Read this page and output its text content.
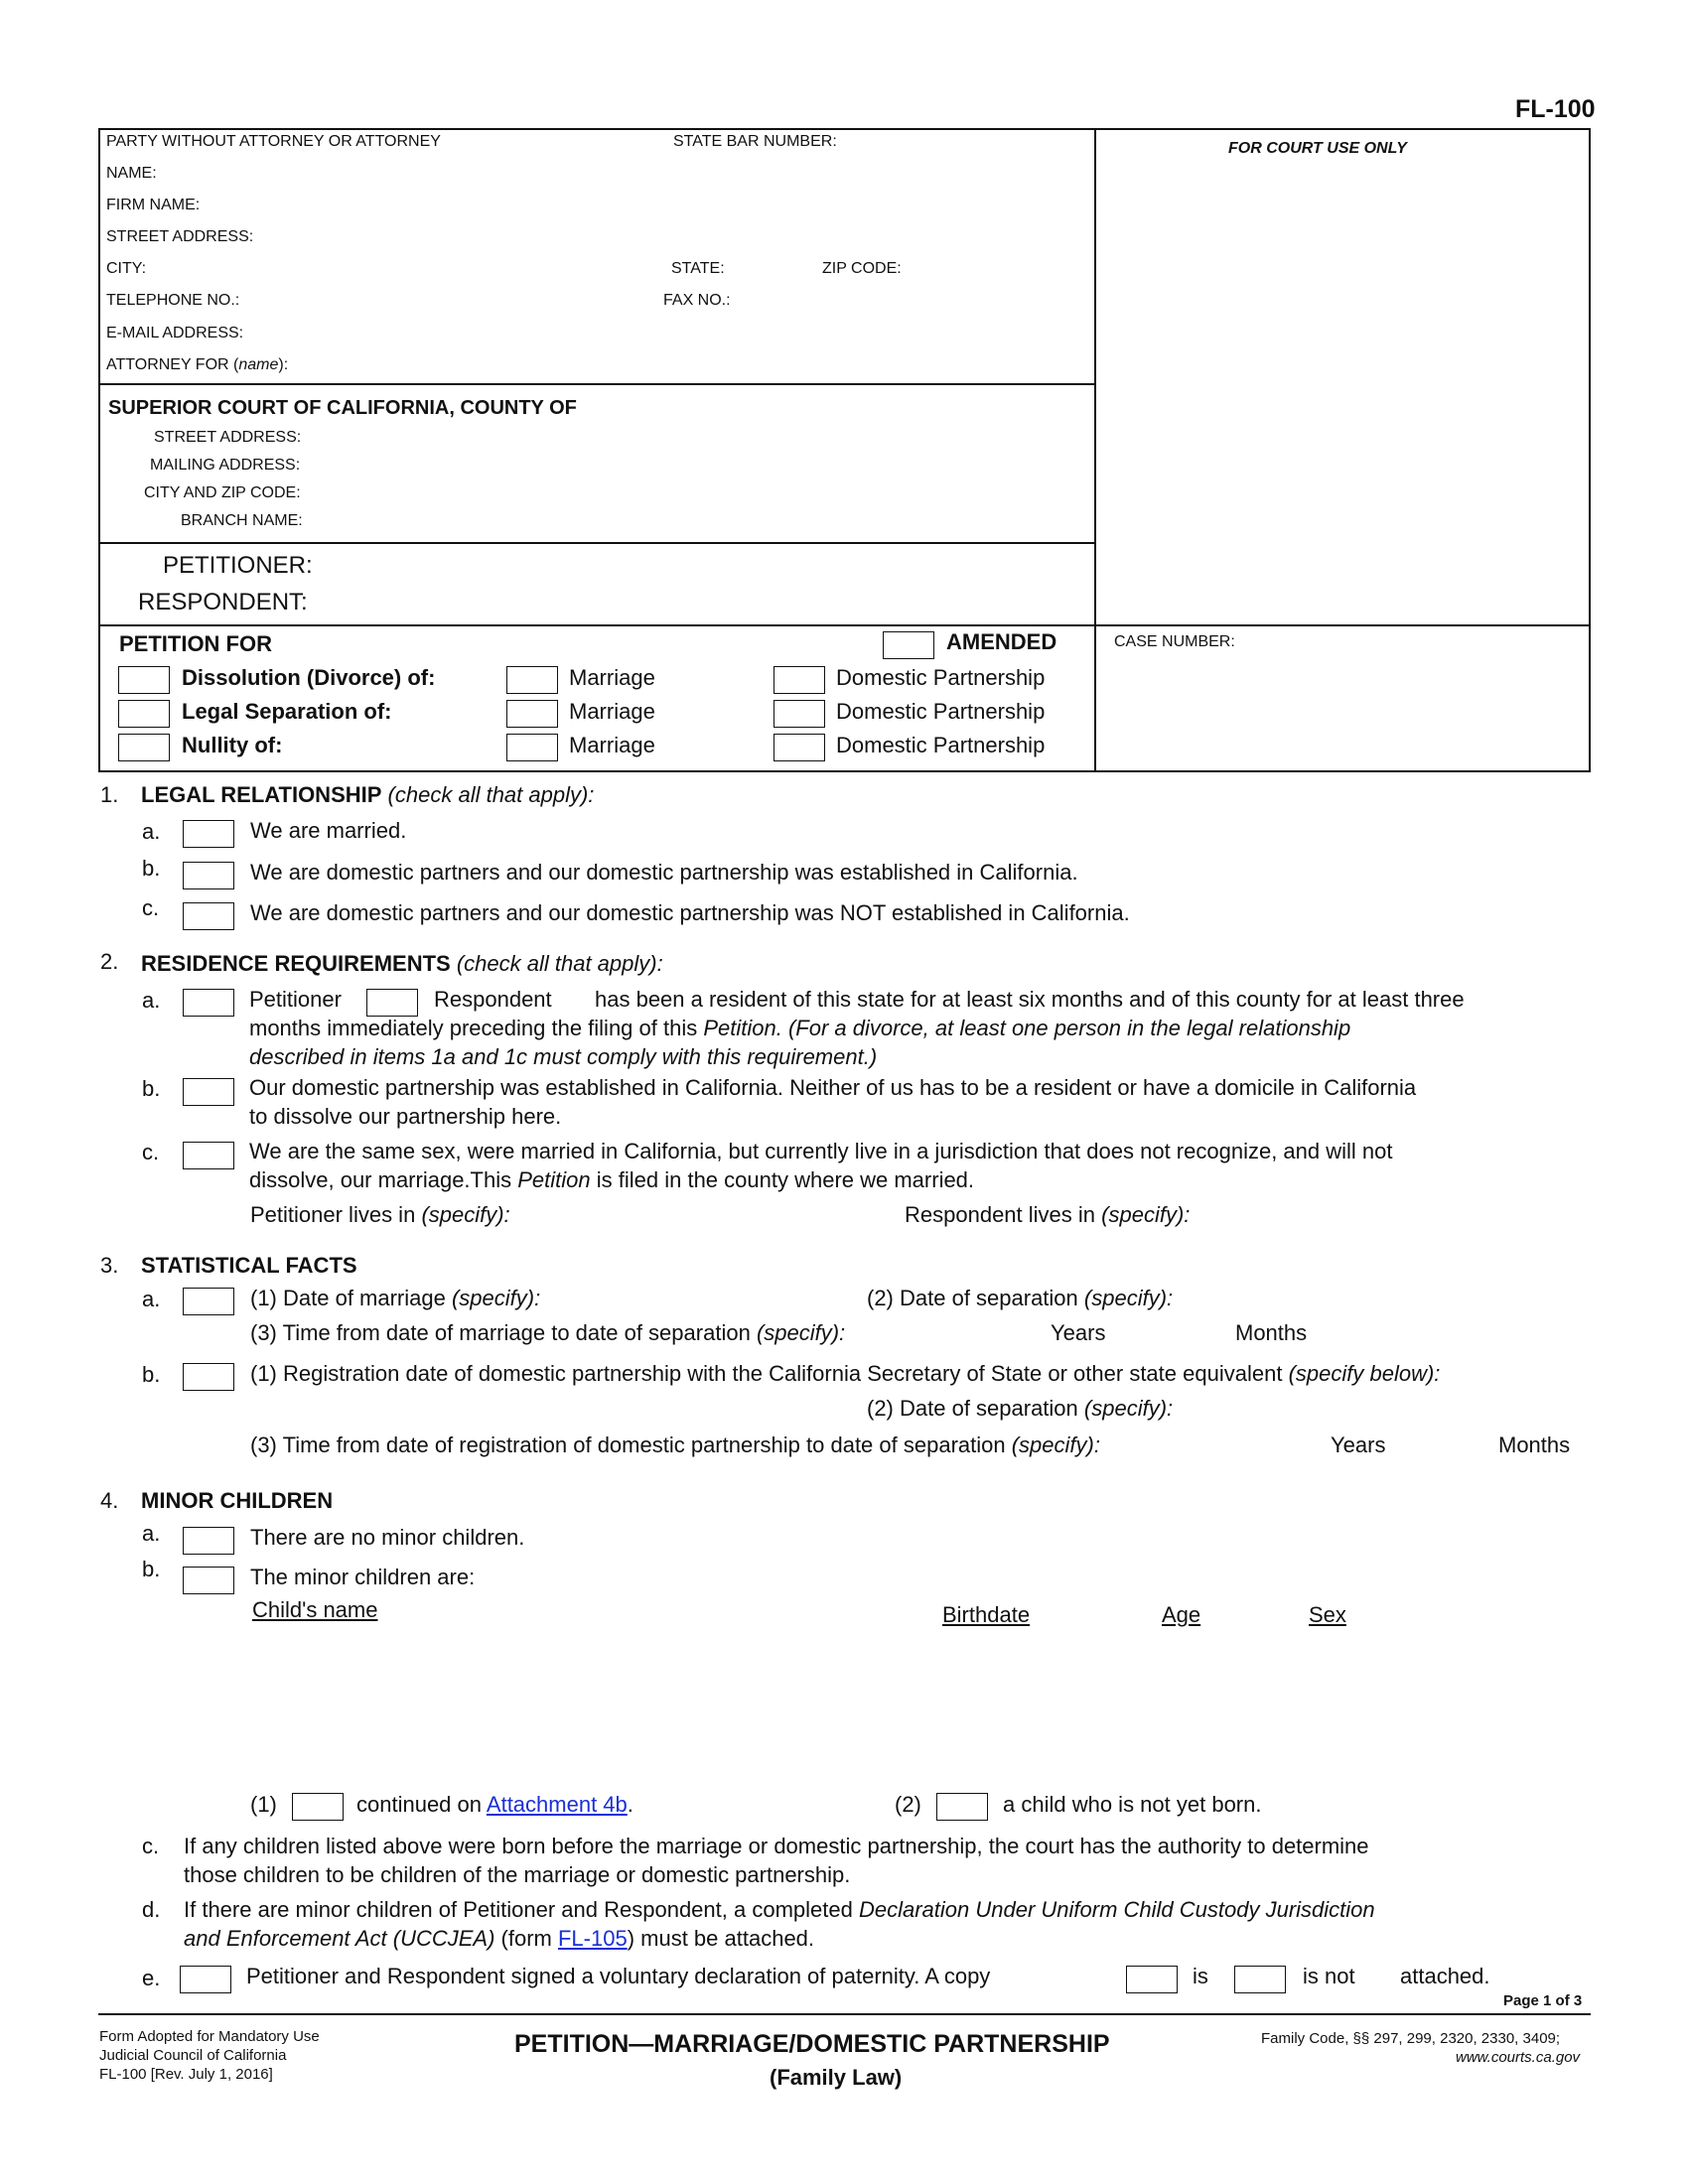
FL-100
PARTY WITHOUT ATTORNEY OR ATTORNEY	STATE BAR NUMBER:	FOR COURT USE ONLY
NAME:
FIRM NAME:
STREET ADDRESS:
CITY:	STATE:	ZIP CODE:
TELEPHONE NO.:	FAX NO.:
E-MAIL ADDRESS:
ATTORNEY FOR (name):
SUPERIOR COURT OF CALIFORNIA, COUNTY OF
STREET ADDRESS:
MAILING ADDRESS:
CITY AND ZIP CODE:
BRANCH NAME:
PETITIONER:
RESPONDENT:
PETITION FOR	AMENDED	CASE NUMBER:
Dissolution (Divorce) of:	Marriage	Domestic Partnership
Legal Separation of:	Marriage	Domestic Partnership
Nullity of:	Marriage	Domestic Partnership
1. LEGAL RELATIONSHIP (check all that apply):
a.	We are married.
b.	We are domestic partners and our domestic partnership was established in California.
c.	We are domestic partners and our domestic partnership was NOT established in California.
2. RESIDENCE REQUIREMENTS (check all that apply):
a.	Petitioner	Respondent has been a resident of this state for at least six months and of this county for at least three
months immediately preceding the filing of this Petition. (For a divorce, at least one person in the legal relationship
described in items 1a and 1c must comply with this requirement.)
b.	Our domestic partnership was established in California. Neither of us has to be a resident or have a domicile in California
to dissolve our partnership here.
c.	We are the same sex, were married in California, but currently live in a jurisdiction that does not recognize, and will not
dissolve, our marriage.This Petition is filed in the county where we married.
Petitioner lives in (specify):	Respondent lives in (specify):
3. STATISTICAL FACTS
a.	(1) Date of marriage (specify):	(2) Date of separation (specify):
(3) Time from date of marriage to date of separation (specify):	Years	Months
b.	(1) Registration date of domestic partnership with the California Secretary of State or other state equivalent (specify below):
(2) Date of separation (specify):
(3) Time from date of registration of domestic partnership to date of separation (specify):	Years	Months
4. MINOR CHILDREN
a.	There are no minor children.
b.	The minor children are:
Child's name	Birthdate	Age	Sex
(1)	continued on Attachment 4b.	(2)	a child who is not yet born.
c. If any children listed above were born before the marriage or domestic partnership, the court has the authority to determine
those children to be children of the marriage or domestic partnership.
d. If there are minor children of Petitioner and Respondent, a completed Declaration Under Uniform Child Custody Jurisdiction
and Enforcement Act (UCCJEA) (form FL-105) must be attached.
e.	Petitioner and Respondent signed a voluntary declaration of paternity. A copy	is	is not attached.
Page 1 of 3
Form Adopted for Mandatory Use
Judicial Council of California
FL-100 [Rev. July 1, 2016]
PETITION—MARRIAGE/DOMESTIC PARTNERSHIP
(Family Law)
Family Code, §§ 297, 299, 2320, 2330, 3409;
www.courts.ca.gov
